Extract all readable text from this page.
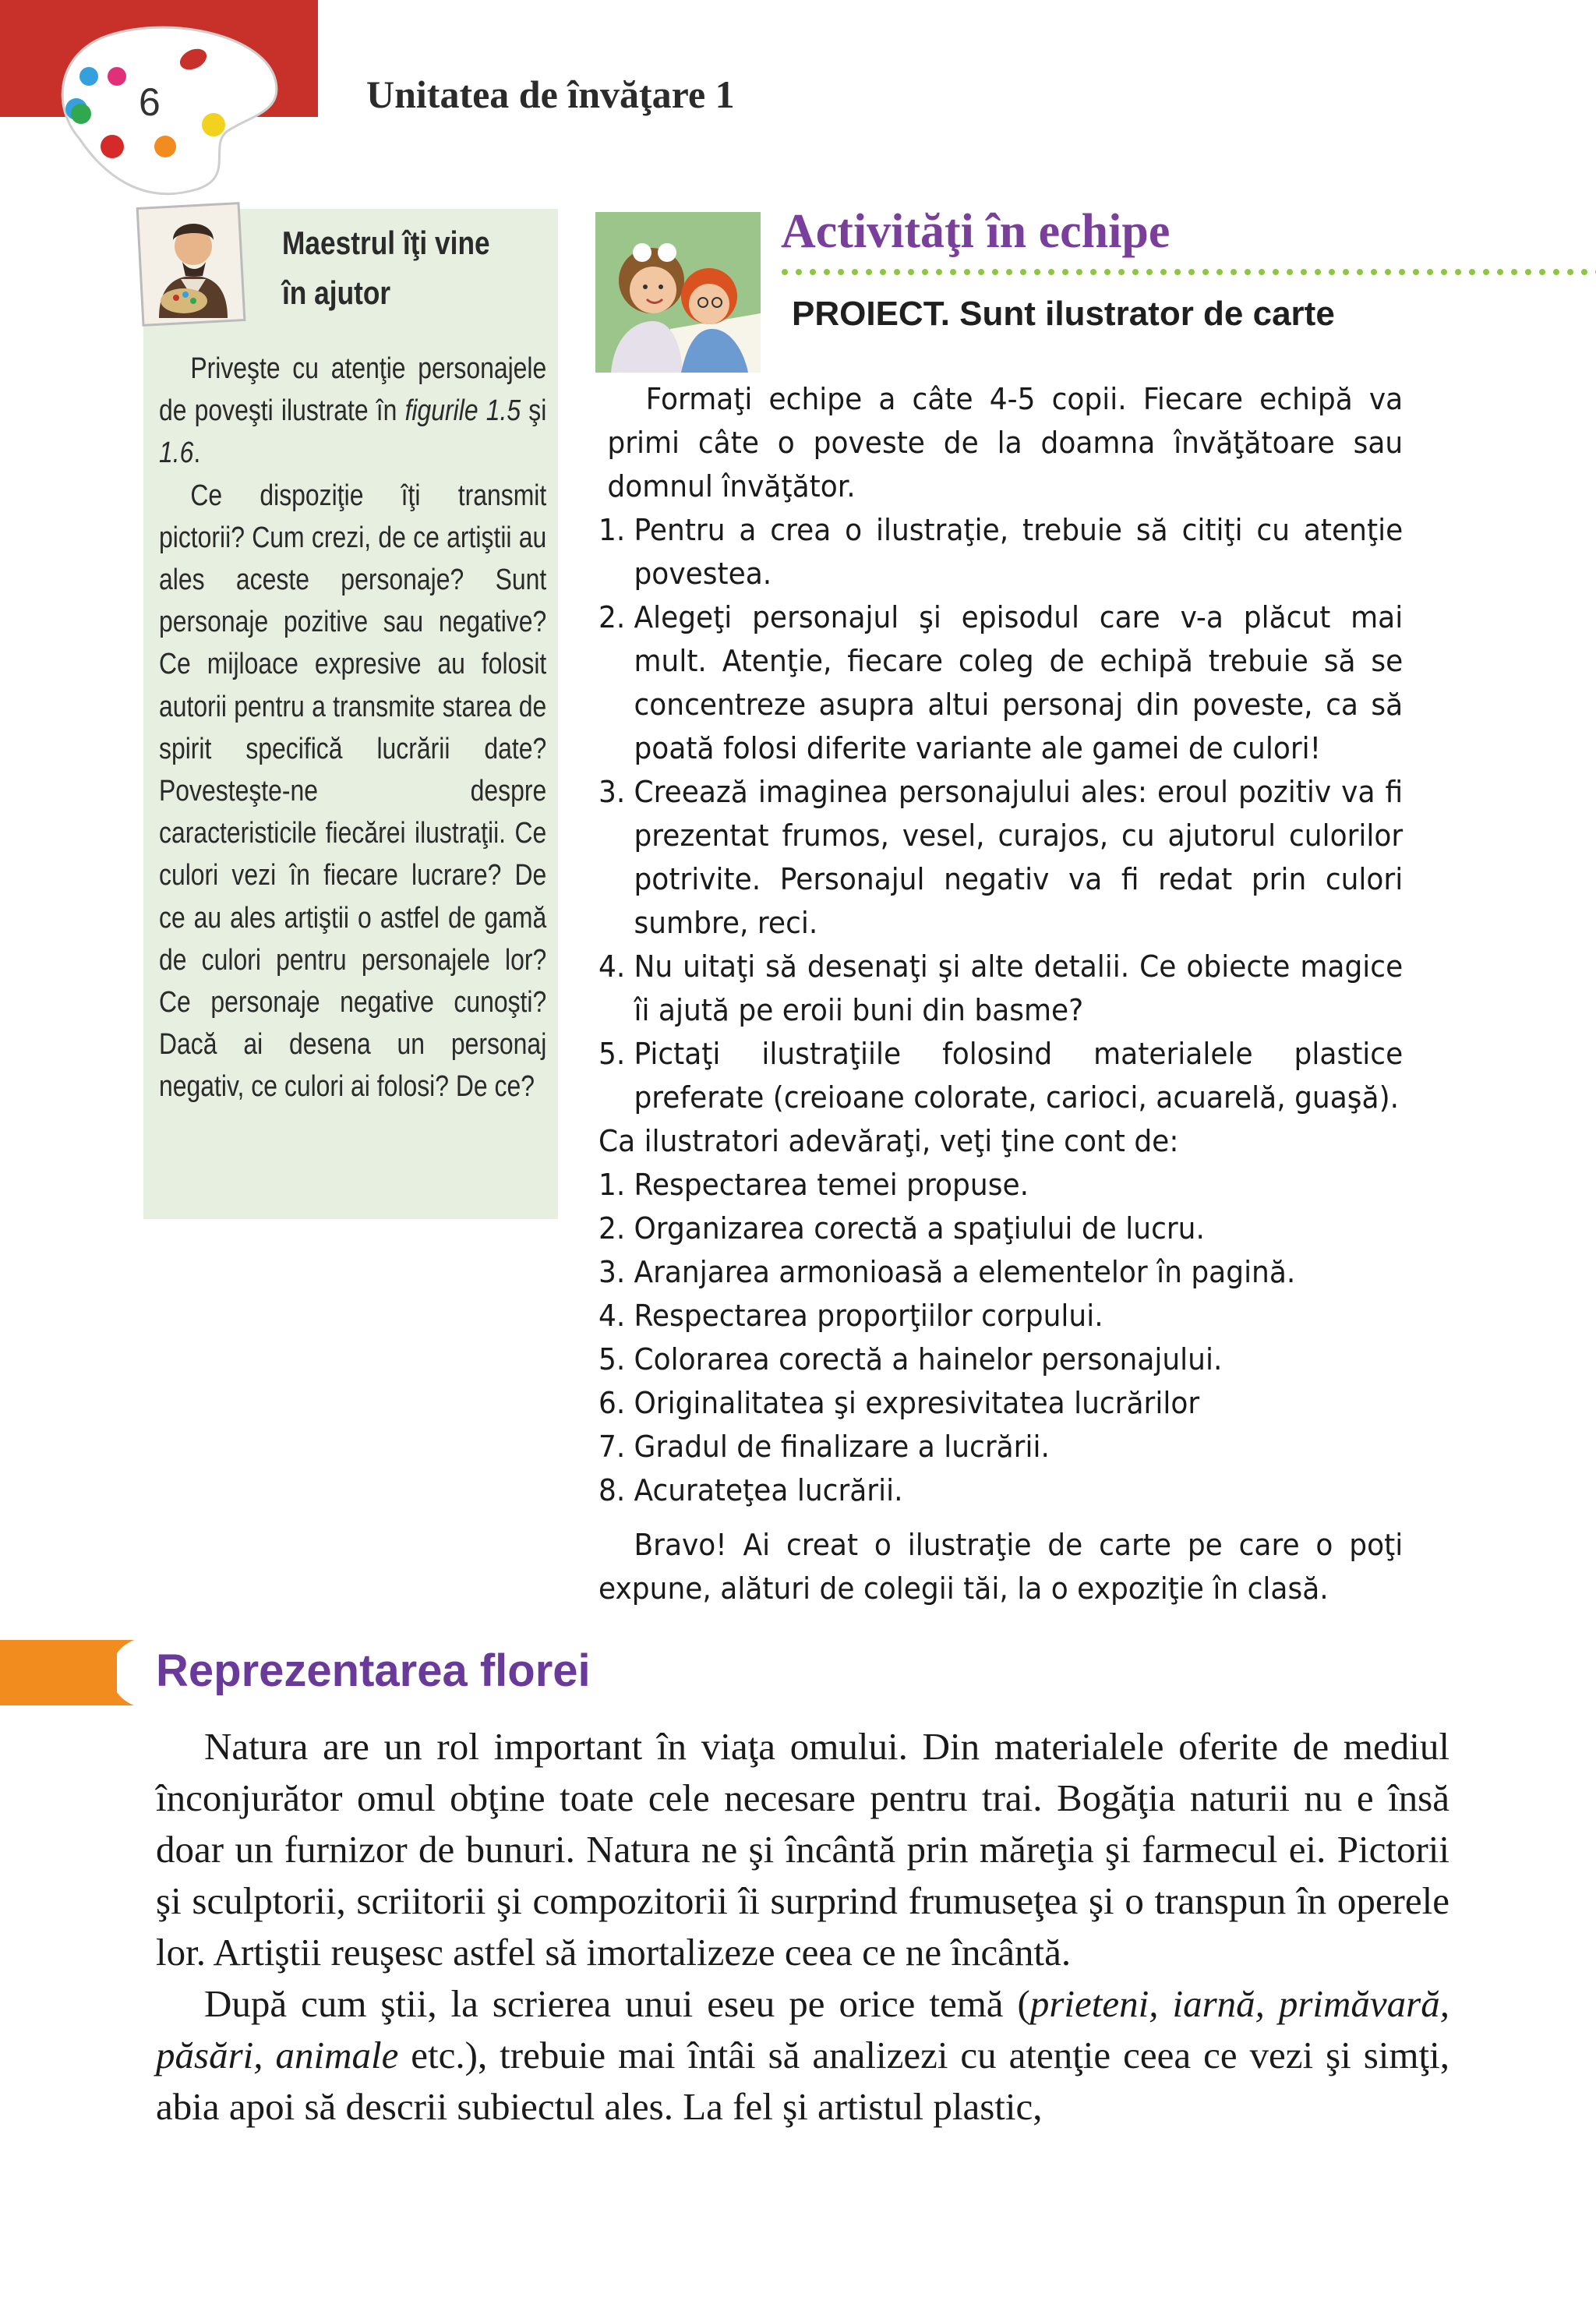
6	Unitatea de învăţare 1
Maestrul îţi vine în ajutor

Priveşte cu atenţie personajele de poveşti ilustrate în figurile 1.5 şi 1.6.

Ce dispoziţie îţi transmit pictorii? Cum crezi, de ce artiştii au ales aceste personaje? Sunt personaje pozitive sau negative? Ce mijloace expresive au folosit autorii pentru a transmite starea de spirit specifică lucrării date? Povesteşte-ne despre caracteristicile fiecărei ilustraţii. Ce culori vezi în fiecare lucrare? De ce au ales artiştii o astfel de gamă de culori pentru personajele lor? Ce personaje negative cunoşti? Dacă ai desena un personaj negativ, ce culori ai folosi? De ce?

Activităţi în echipe
PROIECT. Sunt ilustrator de carte

Formaţi echipe a câte 4-5 copii. Fiecare echipă va primi câte o poveste de la doamna învăţătoare sau domnul învăţător.

1. Pentru a crea o ilustraţie, trebuie să citiţi cu atenţie povestea.
2. Alegeţi personajul şi episodul care v-a plăcut mai mult. Atenţie, fiecare coleg de echipă trebuie să se concentreze asupra altui personaj din poveste, ca să poată folosi diferite variante ale gamei de culori!
3. Creează imaginea personajului ales: eroul pozitiv va fi prezentat frumos, vesel, curajos, cu ajutorul culorilor potrivite. Personajul negativ va fi redat prin culori sumbre, reci.
4. Nu uitaţi să desenaţi şi alte detalii. Ce obiecte magice îi ajută pe eroii buni din basme?
5. Pictaţi ilustraţiile folosind materialele plastice preferate (creioane colorate, carioci, acuarelă, guaşă).

Ca ilustratori adevăraţi, veţi ţine cont de:

1. Respectarea temei propuse.
2. Organizarea corectă a spaţiului de lucru.
3. Aranjarea armonioasă a elementelor în pagină.
4. Respectarea proporţiilor corpului.
5. Colorarea corectă a hainelor personajului.
6. Originalitatea şi expresivitatea lucrărilor
7. Gradul de finalizare a lucrării.
8. Acurateţea lucrării.

Bravo! Ai creat o ilustraţie de carte pe care o poţi expune, alături de colegii tăi, la o expoziţie în clasă.

Reprezentarea florei

Natura are un rol important în viaţa omului. Din materialele oferite de mediul înconjurător omul obţine toate cele necesare pentru trai. Bogăţia naturii nu e însă doar un furnizor de bunuri. Natura ne şi încântă prin măreţia şi farmecul ei. Pictorii şi sculptorii, scriitorii şi compozitorii îi surprind frumuseţea şi o transpun în operele lor. Artiştii reuşesc astfel să imortalizeze ceea ce ne încântă.

După cum ştii, la scrierea unui eseu pe orice temă (prieteni, iarnă, primăvară, păsări, animale etc.), trebuie mai întâi să analizezi cu atenţie ceea ce vezi şi simţi, abia apoi să descrii subiectul ales. La fel şi artistul plastic,
